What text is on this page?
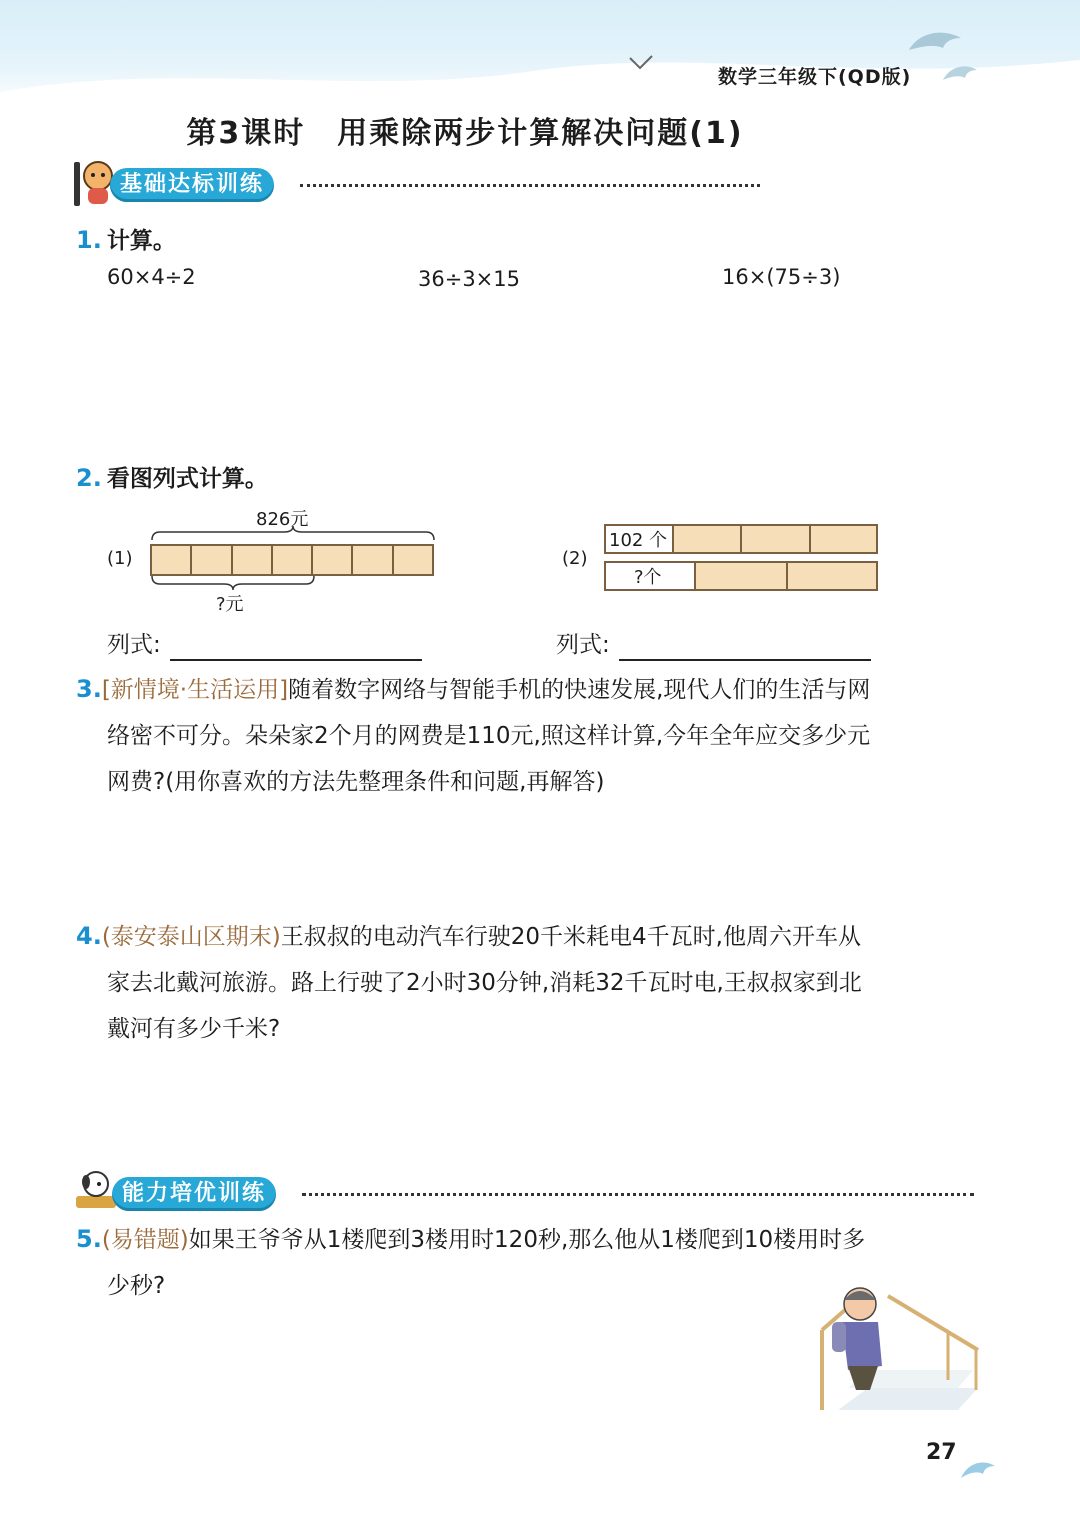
数学三年级下(QD版)
第3课时　用乘除两步计算解决问题(1)
基础达标训练
1. 计算。
60×4÷2	36÷3×15	16×(75÷3)
2. 看图列式计算。
826元
(1)
?元
(2)
102 个
?个
列式:	列式:
3.[新情境·生活运用]随着数字网络与智能手机的快速发展,现代人们的生活与网
络密不可分。朵朵家2个月的网费是110元,照这样计算,今年全年应交多少元
网费?(用你喜欢的方法先整理条件和问题,再解答)
4.(泰安泰山区期末)王叔叔的电动汽车行驶20千米耗电4千瓦时,他周六开车从
家去北戴河旅游。路上行驶了2小时30分钟,消耗32千瓦时电,王叔叔家到北
戴河有多少千米?
能力培优训练
5.(易错题)如果王爷爷从1楼爬到3楼用时120秒,那么他从1楼爬到10楼用时多
少秒?
27
